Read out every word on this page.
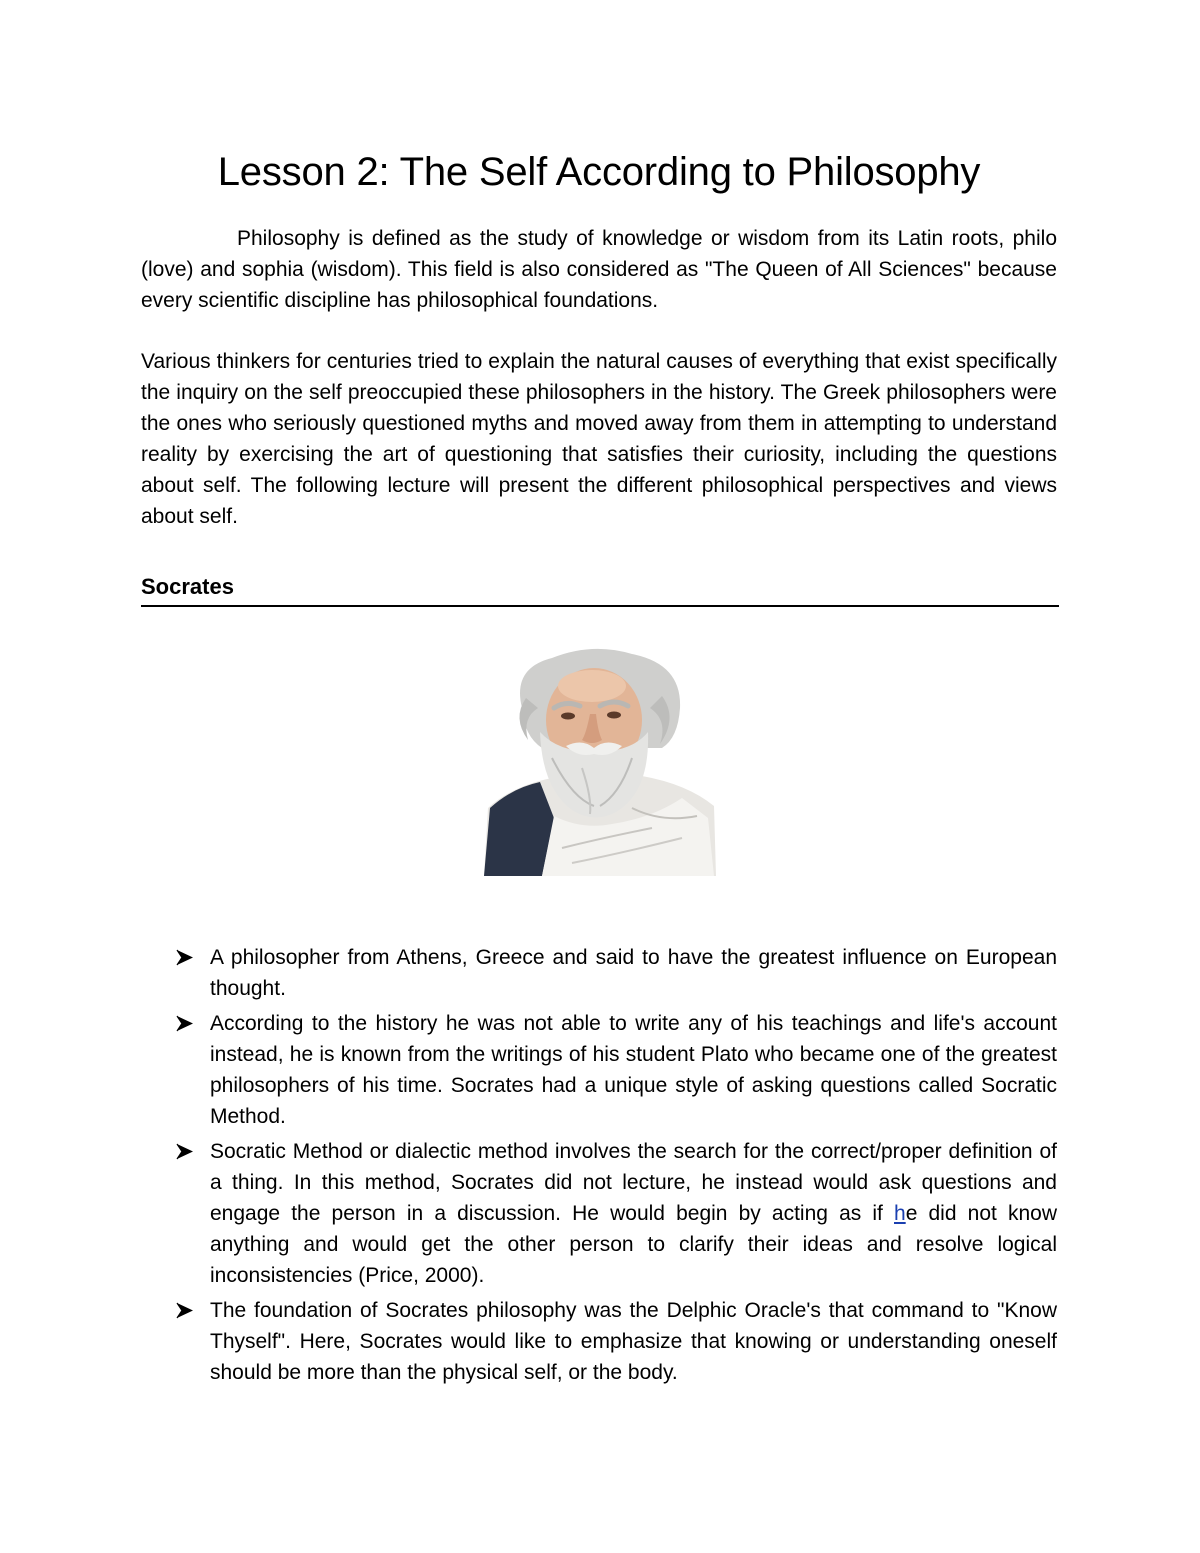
Lesson 2: The Self According to Philosophy

Philosophy is defined as the study of knowledge or wisdom from its Latin roots, philo (love) and sophia (wisdom). This field is also considered as "The Queen of All Sciences" because every scientific discipline has philosophical foundations.

Various thinkers for centuries tried to explain the natural causes of everything that exist specifically the inquiry on the self preoccupied these philosophers in the history. The Greek philosophers were the ones who seriously questioned myths and moved away from them in attempting to understand reality by exercising the art of questioning that satisfies their curiosity, including the questions about self. The following lecture will present the different philosophical perspectives and views about self.

Socrates
A philosopher from Athens, Greece and said to have the greatest influence on European thought.
According to the history he was not able to write any of his teachings and life's account instead, he is known from the writings of his student Plato who became one of the greatest philosophers of his time. Socrates had a unique style of asking questions called Socratic Method.
Socratic Method or dialectic method involves the search for the correct/proper definition of a thing. In this method, Socrates did not lecture, he instead would ask questions and engage the person in a discussion. He would begin by acting as if he did not know anything and would get the other person to clarify their ideas and resolve logical inconsistencies (Price, 2000).
The foundation of Socrates philosophy was the Delphic Oracle's that command to "Know Thyself". Here, Socrates would like to emphasize that knowing or understanding oneself should be more than the physical self, or the body.
